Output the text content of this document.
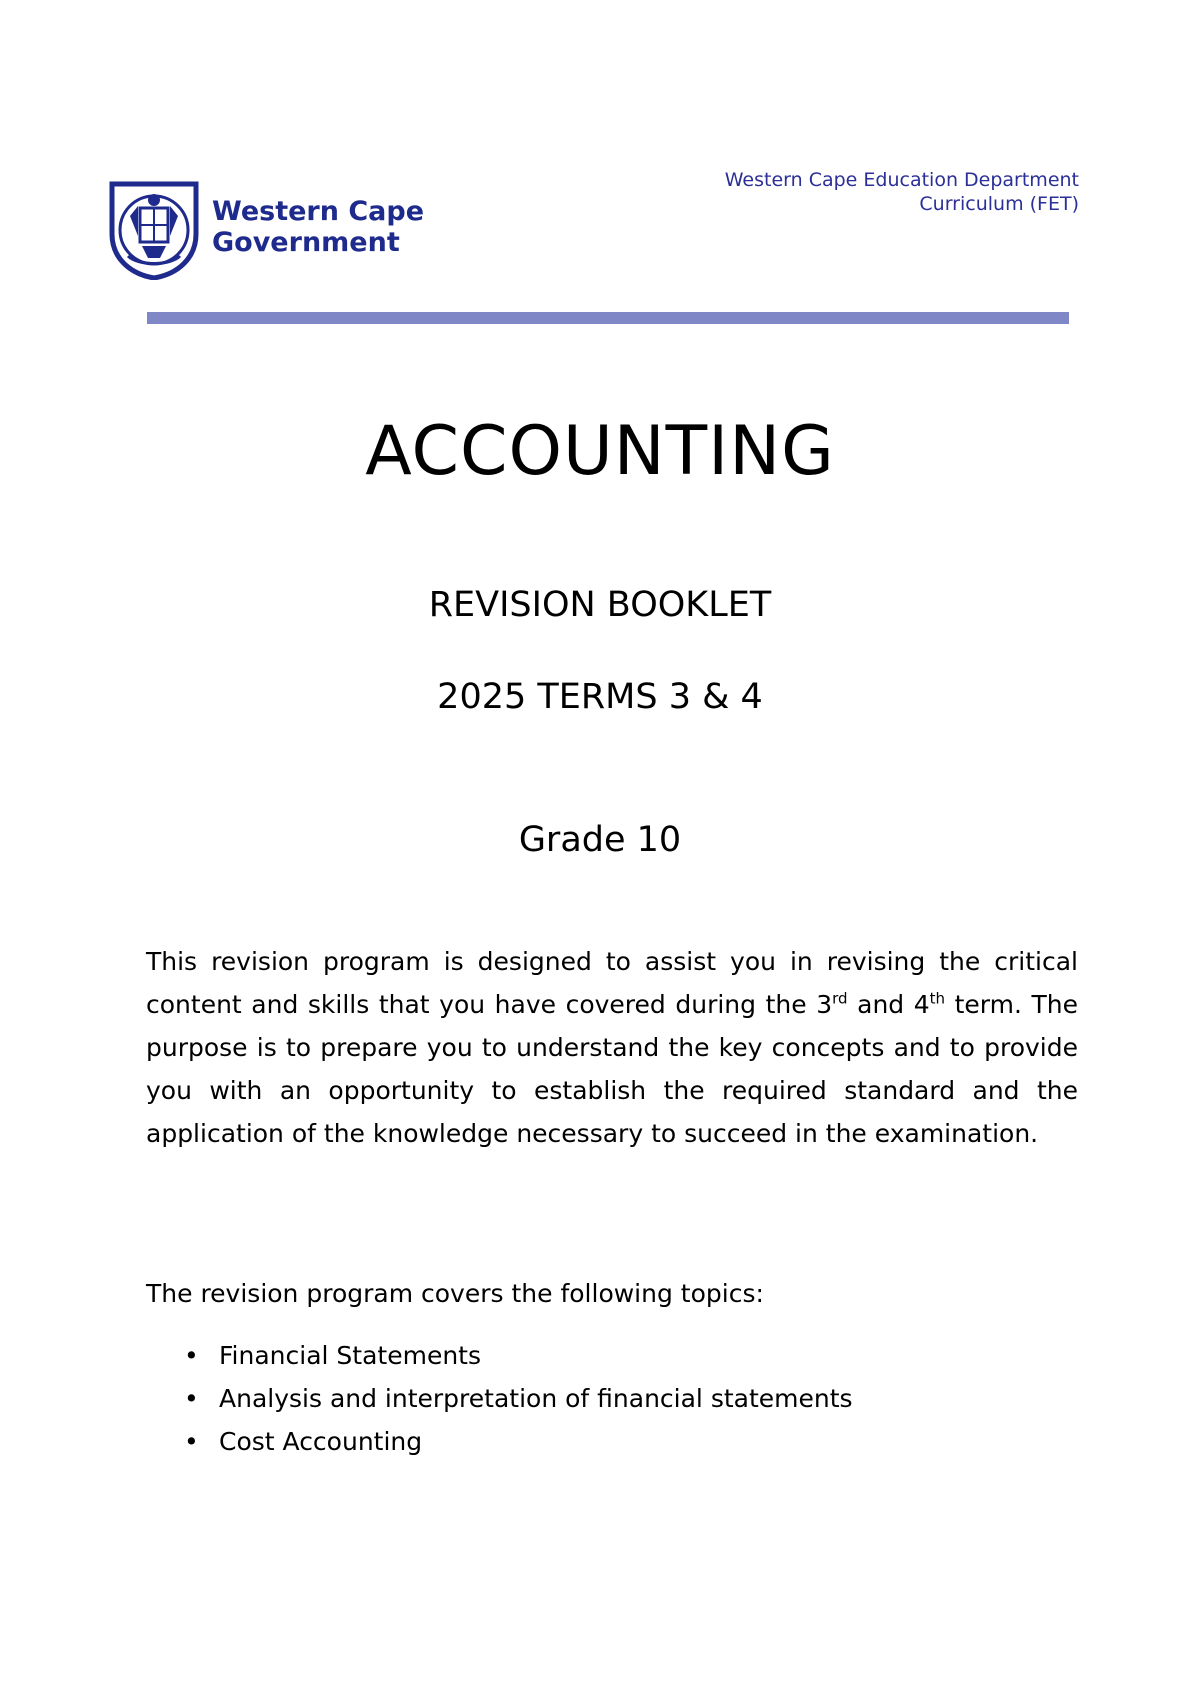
Western Cape
Government
Western Cape Education Department
Curriculum (FET)
ACCOUNTING
REVISION BOOKLET
2025 TERMS 3 & 4
Grade 10

This revision program is designed to assist you in revising the critical content and skills that you have covered during the 3rd and 4th term. The purpose is to prepare you to understand the key concepts and to provide you with an opportunity to establish the required standard and the application of the knowledge necessary to succeed in the examination.

The revision program covers the following topics:

• Financial Statements
• Analysis and interpretation of financial statements
• Cost Accounting
